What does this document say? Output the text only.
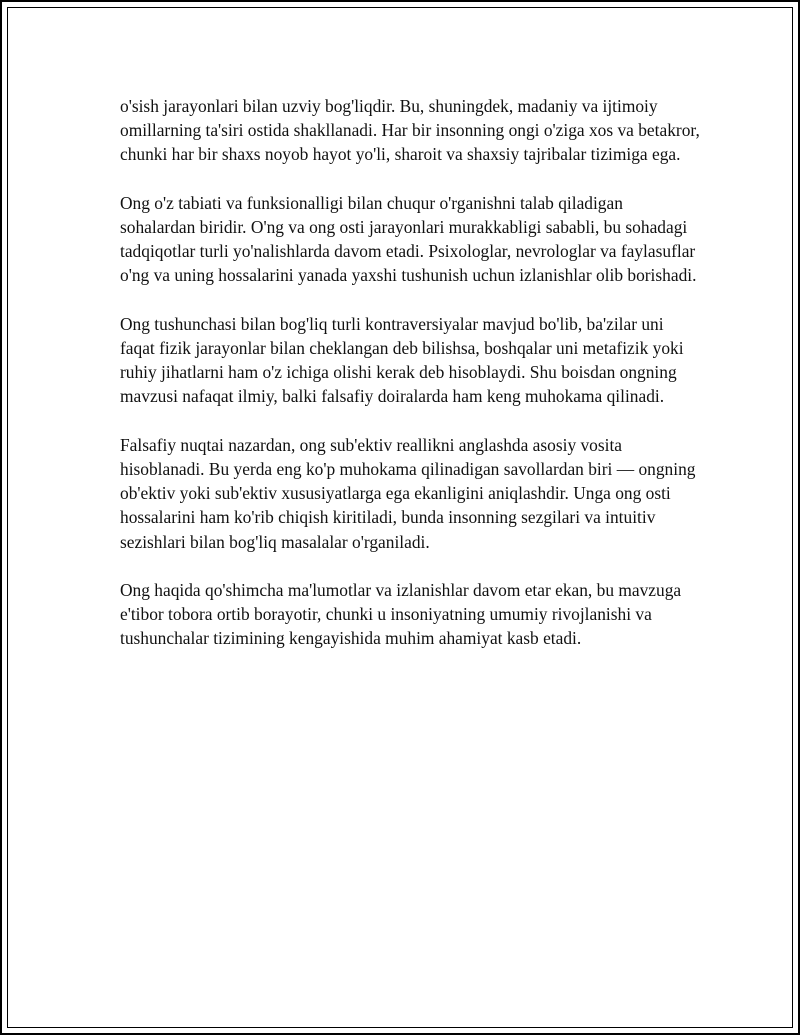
o'sish jarayonlari bilan uzviy bog'liqdir. Bu, shuningdek, madaniy va ijtimoiy omillarning ta'siri ostida shakllanadi. Har bir insonning ongi o'ziga xos va betakror, chunki har bir shaxs noyob hayot yo'li, sharoit va shaxsiy tajribalar tizimiga ega.

Ong o'z tabiati va funksionalligi bilan chuqur o'rganishni talab qiladigan sohalardan biridir. O'ng va ong osti jarayonlari murakkabligi sababli, bu sohadagi tadqiqotlar turli yo'nalishlarda davom etadi. Psixologlar, nevrologlar va faylasuflar o'ng va uning hossalarini yanada yaxshi tushunish uchun izlanishlar olib borishadi.

Ong tushunchasi bilan bog'liq turli kontraversiyalar mavjud bo'lib, ba'zilar uni faqat fizik jarayonlar bilan cheklangan deb bilishsa, boshqalar uni metafizik yoki ruhiy jihatlarni ham o'z ichiga olishi kerak deb hisoblaydi. Shu boisdan ongning mavzusi nafaqat ilmiy, balki falsafiy doiralarda ham keng muhokama qilinadi.

Falsafiy nuqtai nazardan, ong sub'ektiv reallikni anglashda asosiy vosita hisoblanadi. Bu yerda eng ko'p muhokama qilinadigan savollardan biri — ongning ob'ektiv yoki sub'ektiv xususiyatlarga ega ekanligini aniqlashdir. Unga ong osti hossalarini ham ko'rib chiqish kiritiladi, bunda insonning sezgilari va intuitiv sezishlari bilan bog'liq masalalar o'rganiladi.

Ong haqida qo'shimcha ma'lumotlar va izlanishlar davom etar ekan, bu mavzuga e'tibor tobora ortib borayotir, chunki u insoniyatning umumiy rivojlanishi va tushunchalar tizimining kengayishida muhim ahamiyat kasb etadi.
